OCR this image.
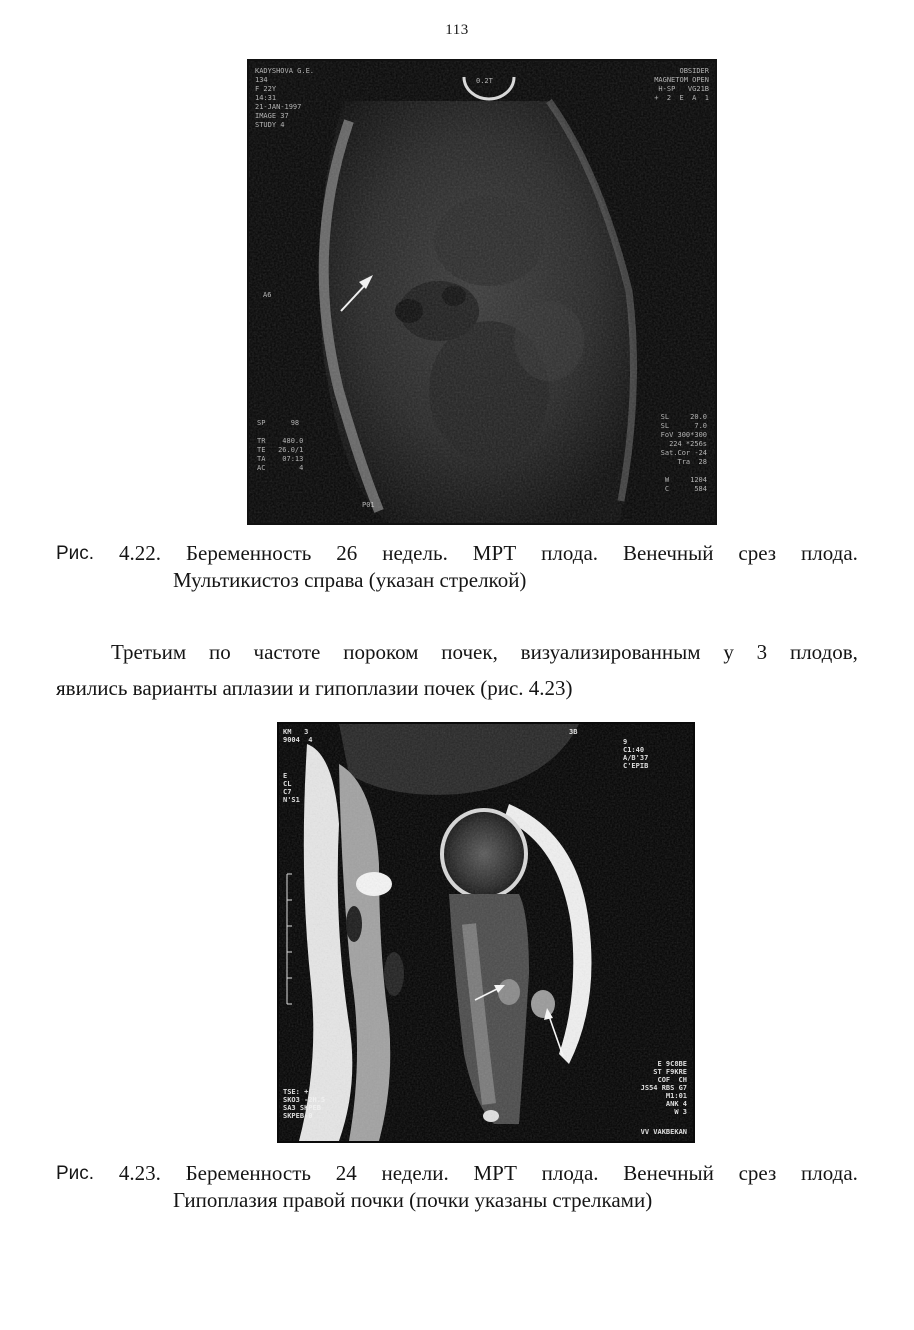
113
KADYSHOVA G.E.
134
F 22Y
14:31
21-JAN-1997
IMAGE 37
STUDY 4
0.2T
OBSIDER
MAGNETOM OPEN
H-SP   VG21B
+  2  E  A  1
A6
SP      98

TR    480.0
TE   26.0/1
TA    07:13
AC        4
P01
SL     20.0
SL      7.0
FoV 300*300
224 *256s
Sat.Cor -24
Tra  28

W     1204
C      584
Рис. 4.22. Беременность 26 недель. МРТ плода. Венечный срез плода.
Мультикистоз справа (указан стрелкой)
Третьим по частоте пороком почек, визуализированным у 3 плодов,
явились варианты аплазии и гипоплазии почек (рис. 4.23)
KM   3
9004  4
3B
9
C1:40
A/B'37
C'EPIB
E
CL
C7
N'S1
TSE: +
SKO3 -2H.5
SA3 SKPEB
SKPEB-0
E 9C8BE
ST F9KRE
COF  CH
JS54 RBS G7
M1:01
ANK 4
W 3
VV VAKBEKAN
Рис. 4.23. Беременность 24 недели. МРТ плода. Венечный срез плода.
Гипоплазия правой почки (почки указаны стрелками)
